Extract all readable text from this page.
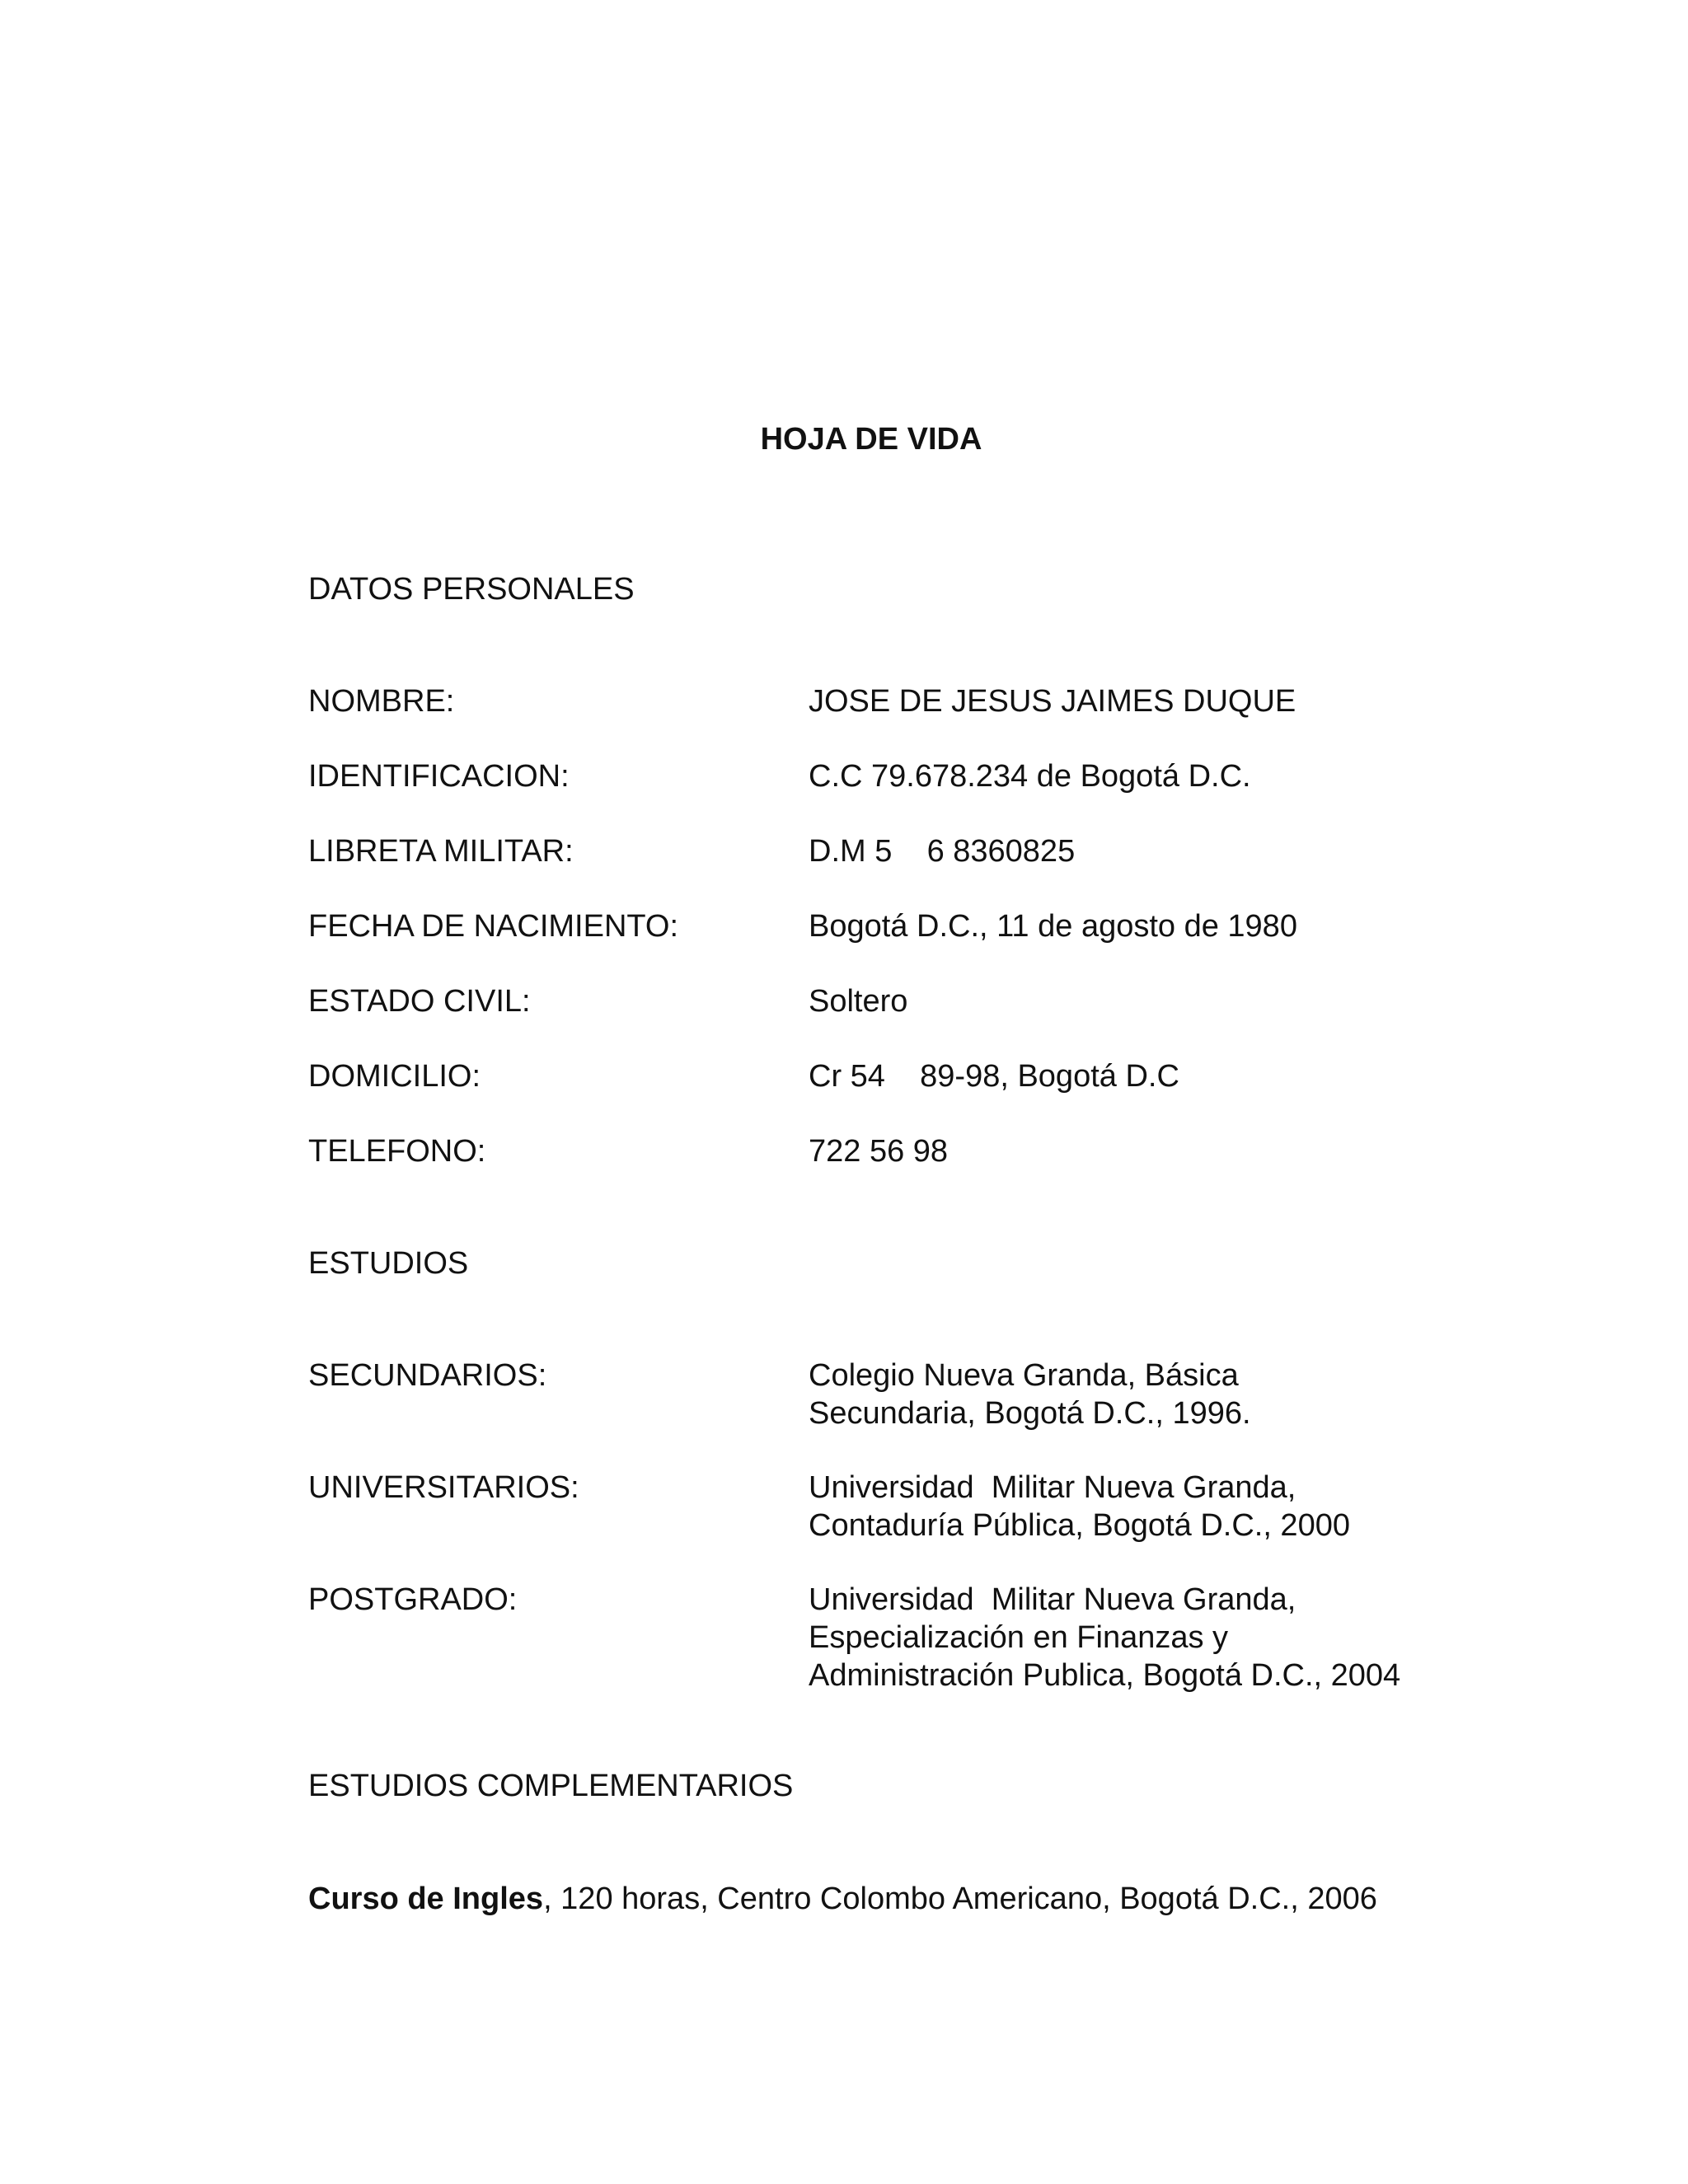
HOJA DE VIDA
DATOS PERSONALES
NOMBRE:	JOSE DE JESUS JAIMES DUQUE
IDENTIFICACION:	C.C 79.678.234 de Bogotá D.C.
LIBRETA MILITAR:	D.M 5    6 8360825
FECHA DE NACIMIENTO:	Bogotá D.C., 11 de agosto de 1980
ESTADO CIVIL:	Soltero
DOMICILIO:	Cr 54    89-98, Bogotá D.C
TELEFONO:	722 56 98
ESTUDIOS
SECUNDARIOS:	Colegio Nueva Granda, Básica
Secundaria, Bogotá D.C., 1996.
UNIVERSITARIOS:	Universidad  Militar Nueva Granda,
Contaduría Pública, Bogotá D.C., 2000
POSTGRADO:	Universidad  Militar Nueva Granda,
Especialización en Finanzas y
Administración Publica, Bogotá D.C., 2004
ESTUDIOS COMPLEMENTARIOS
Curso de Ingles, 120 horas, Centro Colombo Americano, Bogotá D.C., 2006
